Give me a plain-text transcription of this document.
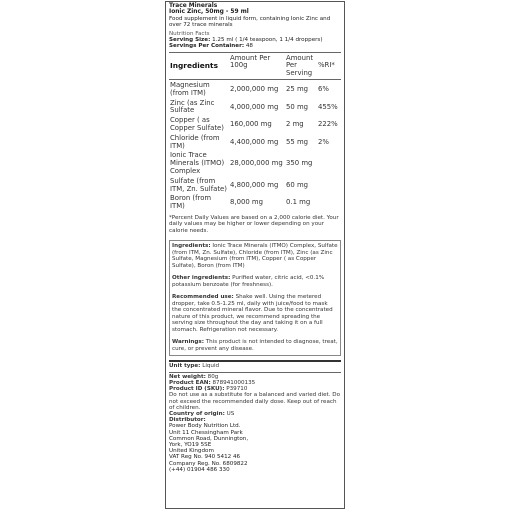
Trace Minerals

Ionic Zinc, 50mg - 59 ml

Food supplement in liquid form, containing Ionic Zinc and over 72 trace minerals

Nutrition Facts

Serving Size: 1.25 ml ( 1/4 teaspoon, 1 1/4 droppers)

Servings Per Container: 48

Ingredients	Amount Per 100g	Amount Per Serving	%RI*

Magnesium (from ITM)	2,000,000 mg	25 mg	6%
Zinc (as Zinc Sulfate	4,000,000 mg	50 mg	455%
Copper ( as Copper Sulfate)	160,000 mg	2 mg	222%
Chloride (from ITM)	4,400,000 mg	55 mg	2%
Ionic Trace Minerals (ITMO) Complex	28,000,000 mg	350 mg	
Sulfate (from ITM, Zn. Sulfate)	4,800,000 mg	60 mg	
Boron (from ITM)	8,000 mg	0.1 mg	
*Percent Daily Values are based on a 2,000 calorie diet. Your daily values may be higher or lower depending on your calorie needs.

Ingredients: Ionic Trace Minerals (ITMO) Complex, Sulfate (from ITM, Zn. Sulfate), Chloride (from ITM), Zinc (as Zinc Sulfate, Magnesium (from ITM), Copper ( as Copper Sulfate), Boron (from ITM)

Other ingredients: Purified water, citric acid, <0.1% potassium benzoate (for freshness).

Recommended use: Shake well. Using the metered dropper, take 0.5-1.25 ml, daily with juice/food to mask the concentrated mineral flavor. Due to the concentrated nature of this product, we recommend spreading the serving size throughout the day and taking it on a full stomach. Refrigeration not necessary.

Warnings: This product is not intended to diagnose, treat, cure, or prevent any disease.

Unit type: Liquid

Net weight: 80g

Product EAN: 878941000135

Product ID (SKU): P39710

Do not use as a substitute for a balanced and varied diet. Do not exceed the recommended daily dose. Keep out of reach of children.

Country of origin: US

Distributor:

Power Body Nutrition Ltd.
Unit 11 Chessingham Park
Common Road, Dunnington,
York, YO19 5SE
United Kingdom
VAT Reg No. 940 5412 46
Company Reg. No. 6809822
(+44) 01904 486 330
